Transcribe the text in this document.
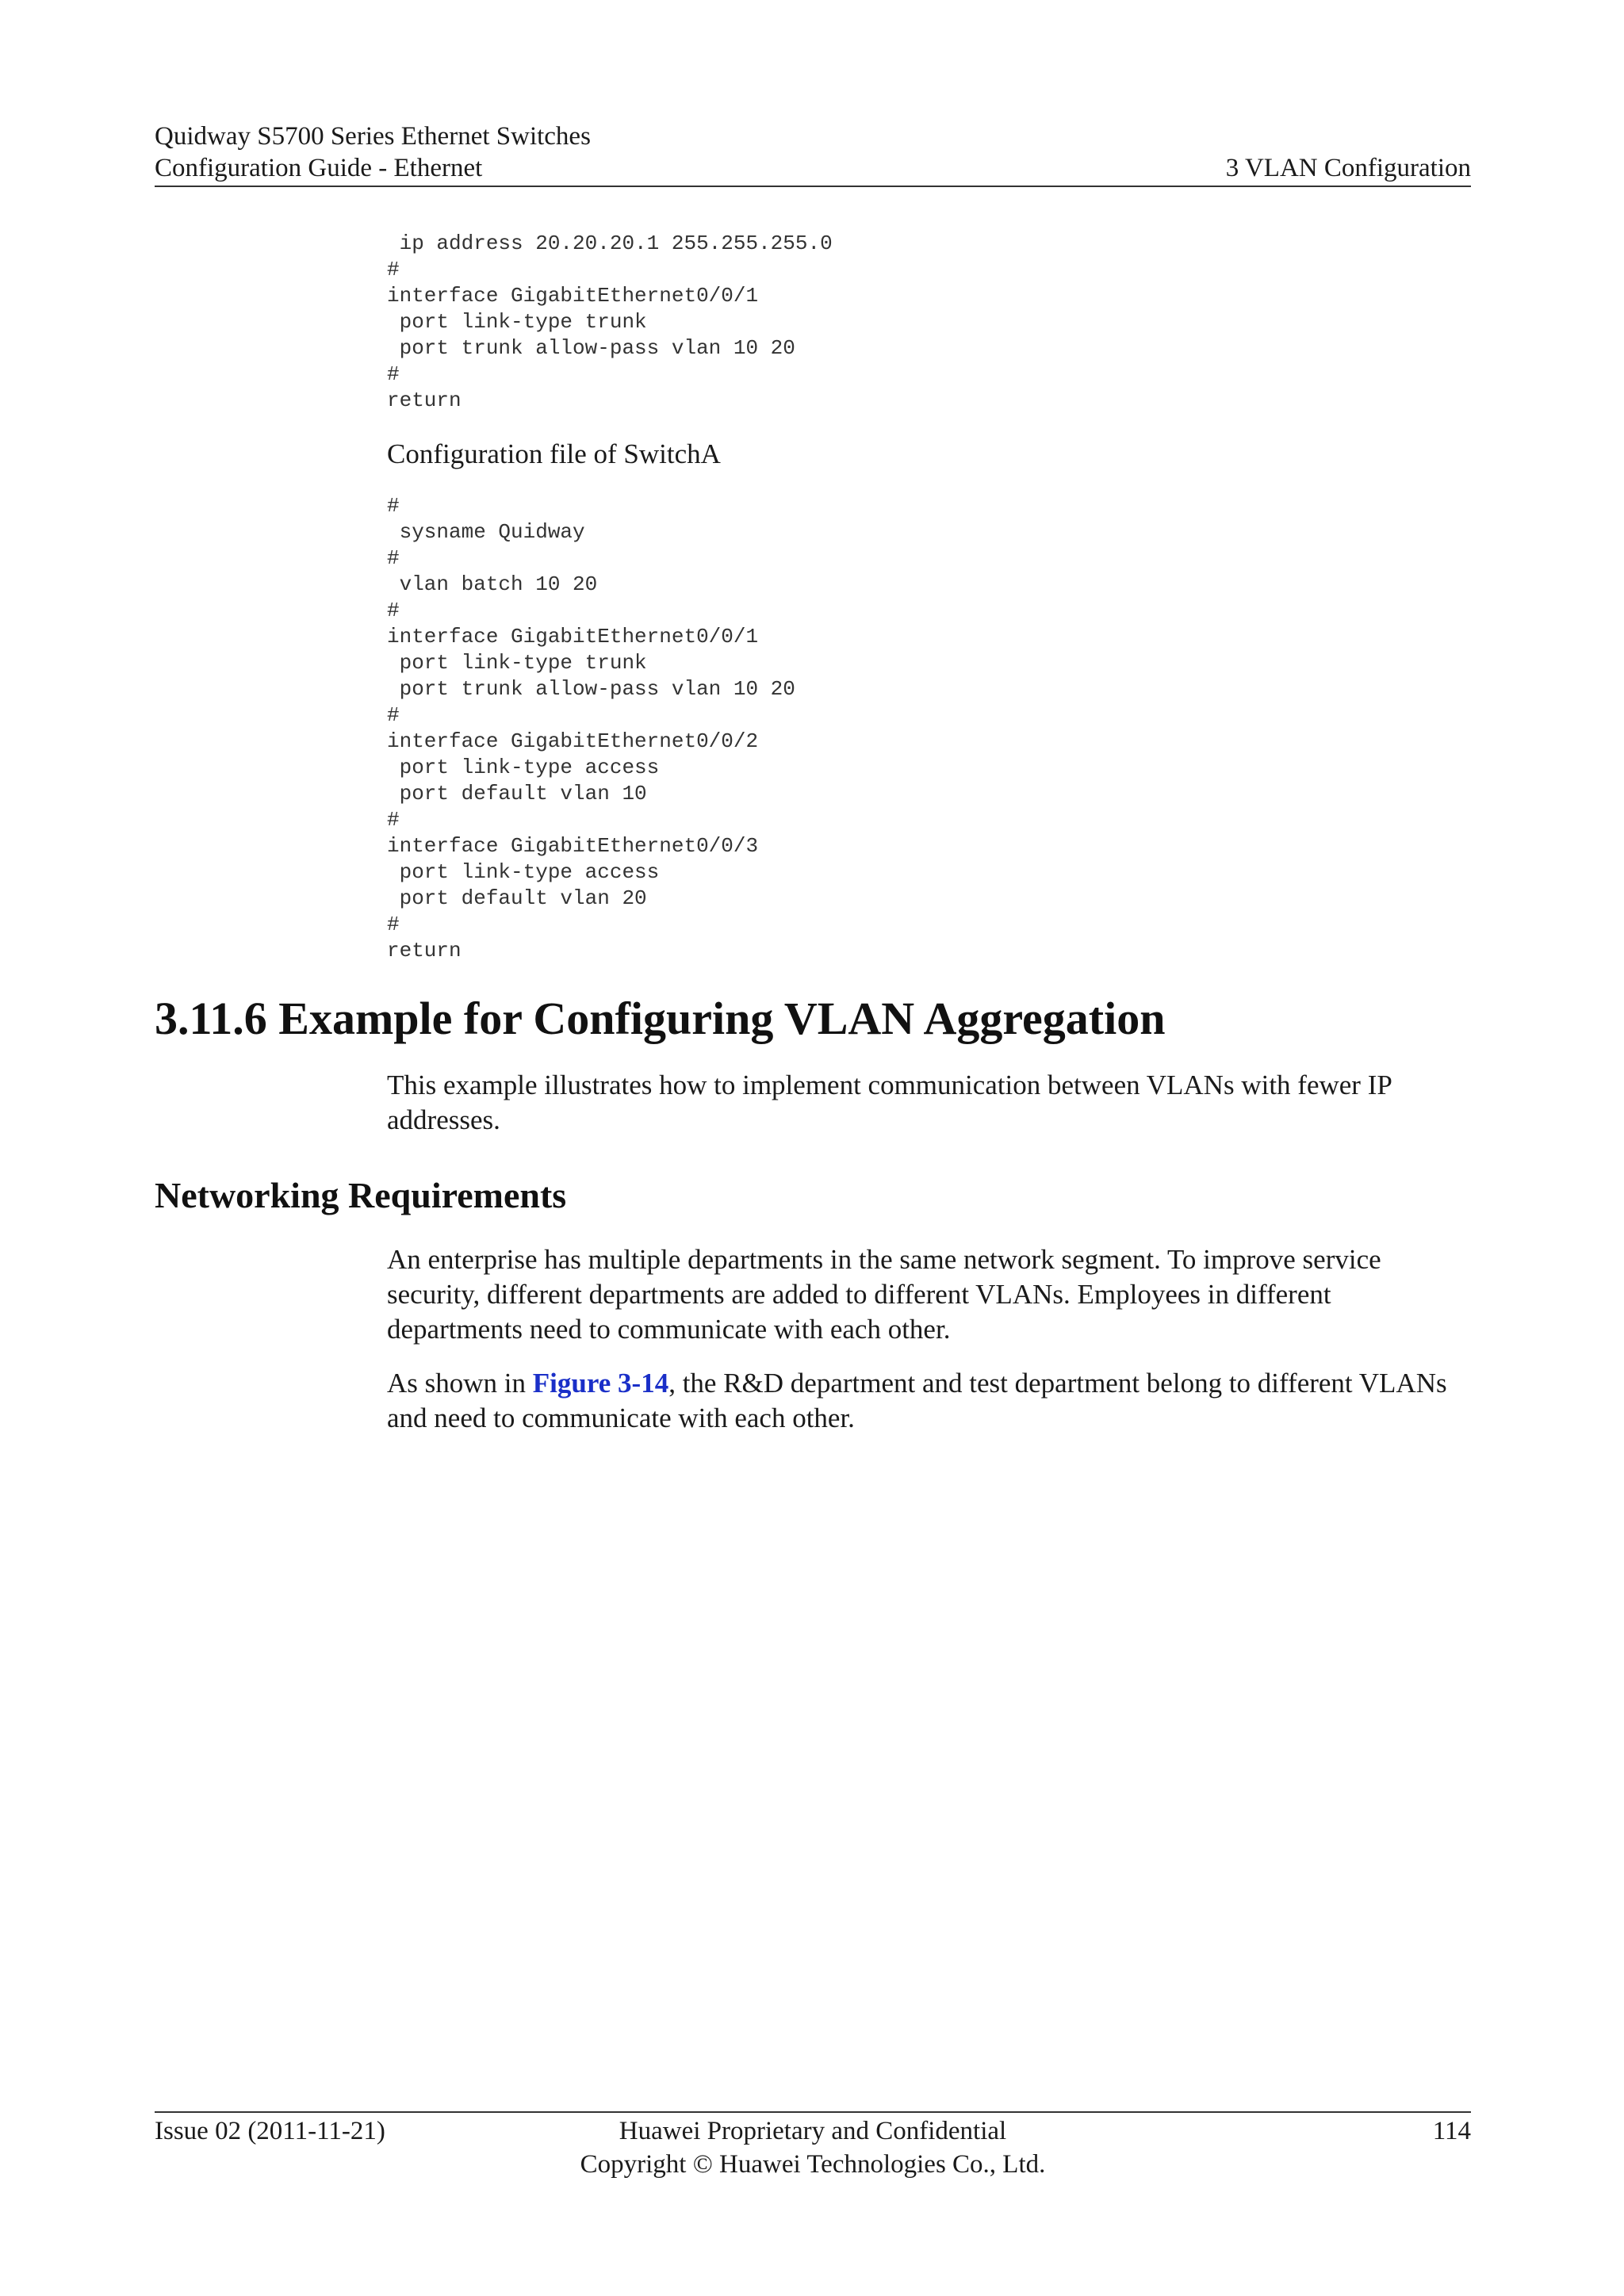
Quidway S5700 Series Ethernet Switches
Configuration Guide - Ethernet	3 VLAN Configuration
ip address 20.20.20.1 255.255.255.0
#
interface GigabitEthernet0/0/1
port link-type trunk
port trunk allow-pass vlan 10 20
#
return

Configuration file of SwitchA

#
sysname Quidway
#
vlan batch 10 20
#
interface GigabitEthernet0/0/1
port link-type trunk
port trunk allow-pass vlan 10 20
#
interface GigabitEthernet0/0/2
port link-type access
port default vlan 10
#
interface GigabitEthernet0/0/3
port link-type access
port default vlan 20
#
return
3.11.6 Example for Configuring VLAN Aggregation

This example illustrates how to implement communication between VLANs with fewer IP addresses.

Networking Requirements

An enterprise has multiple departments in the same network segment. To improve service security, different departments are added to different VLANs. Employees in different departments need to communicate with each other.

As shown in Figure 3-14, the R&D department and test department belong to different VLANs and need to communicate with each other.

Issue 02 (2011-11-21)	Huawei Proprietary and Confidential
Copyright © Huawei Technologies Co., Ltd.
114
